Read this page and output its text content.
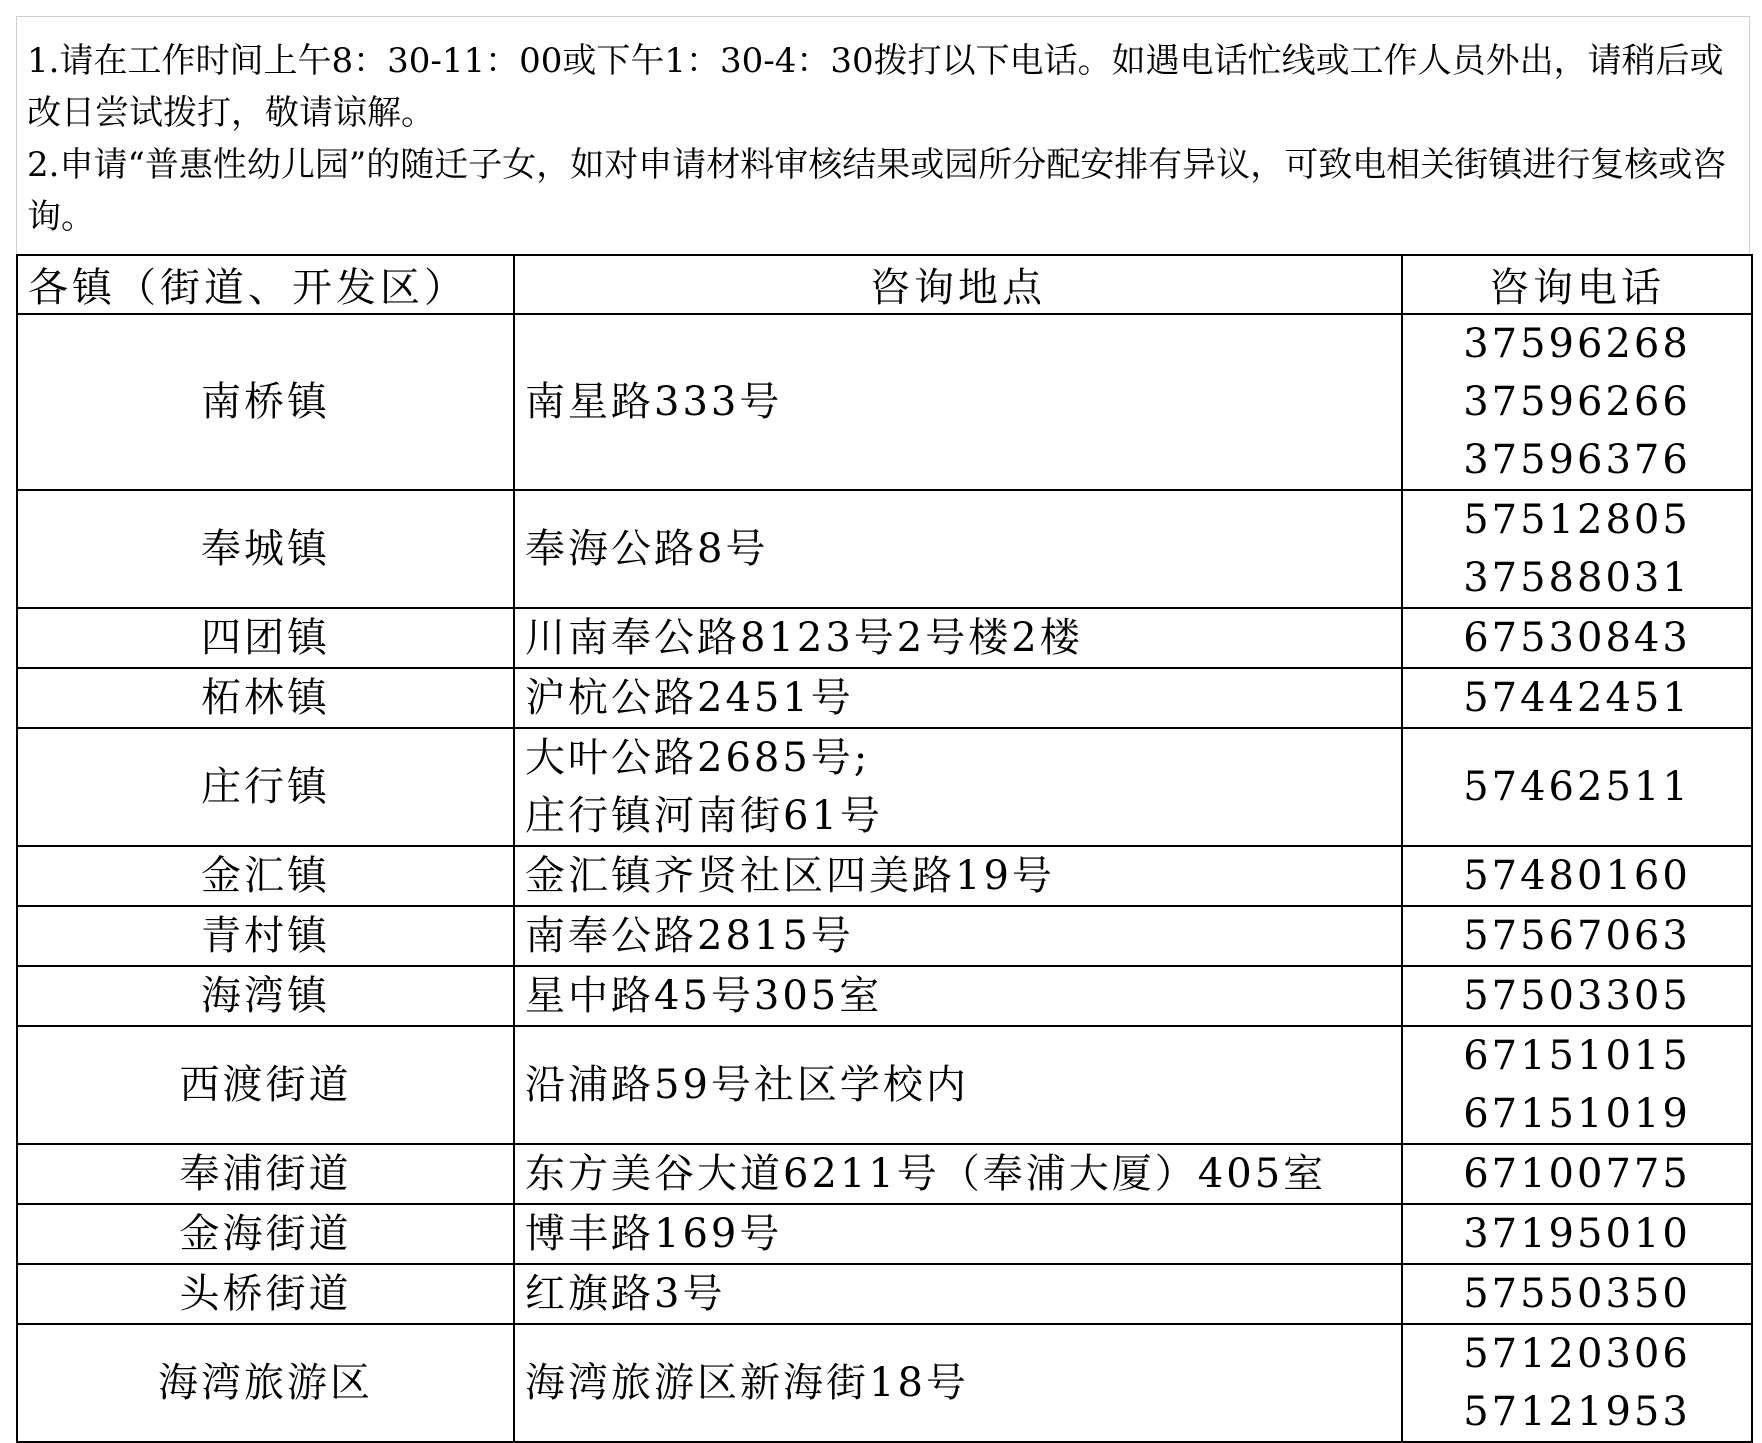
1.请在工作时间上午8：30-11：00或下午1：30-4：30拨打以下电话。如遇电话忙线或工作人员外出，请稍后或改日尝试拨打，敬请谅解。

2.申请“普惠性幼儿园”的随迁子女，如对申请材料审核结果或园所分配安排有异议，可致电相关街镇进行复核或咨询。

各镇（街道、开发区）	咨询地点	咨询电话
南桥镇	南星路333号	37596268
37596266
37596376

奉城镇	奉海公路8号	57512805
37588031

四团镇	川南奉公路8123号2号楼2楼	67530843

柘林镇	沪杭公路2451号	57442451

庄行镇	大叶公路2685号;
庄行镇河南街61号	57462511

金汇镇	金汇镇齐贤社区四美路19号	57480160

青村镇	南奉公路2815号	57567063

海湾镇	星中路45号305室	57503305

西渡街道	沿浦路59号社区学校内	67151015
67151019

奉浦街道	东方美谷大道6211号（奉浦大厦）405室	67100775

金海街道	博丰路169号	37195010

头桥街道	红旗路3号	57550350

海湾旅游区	海湾旅游区新海街18号	57120306
57121953
